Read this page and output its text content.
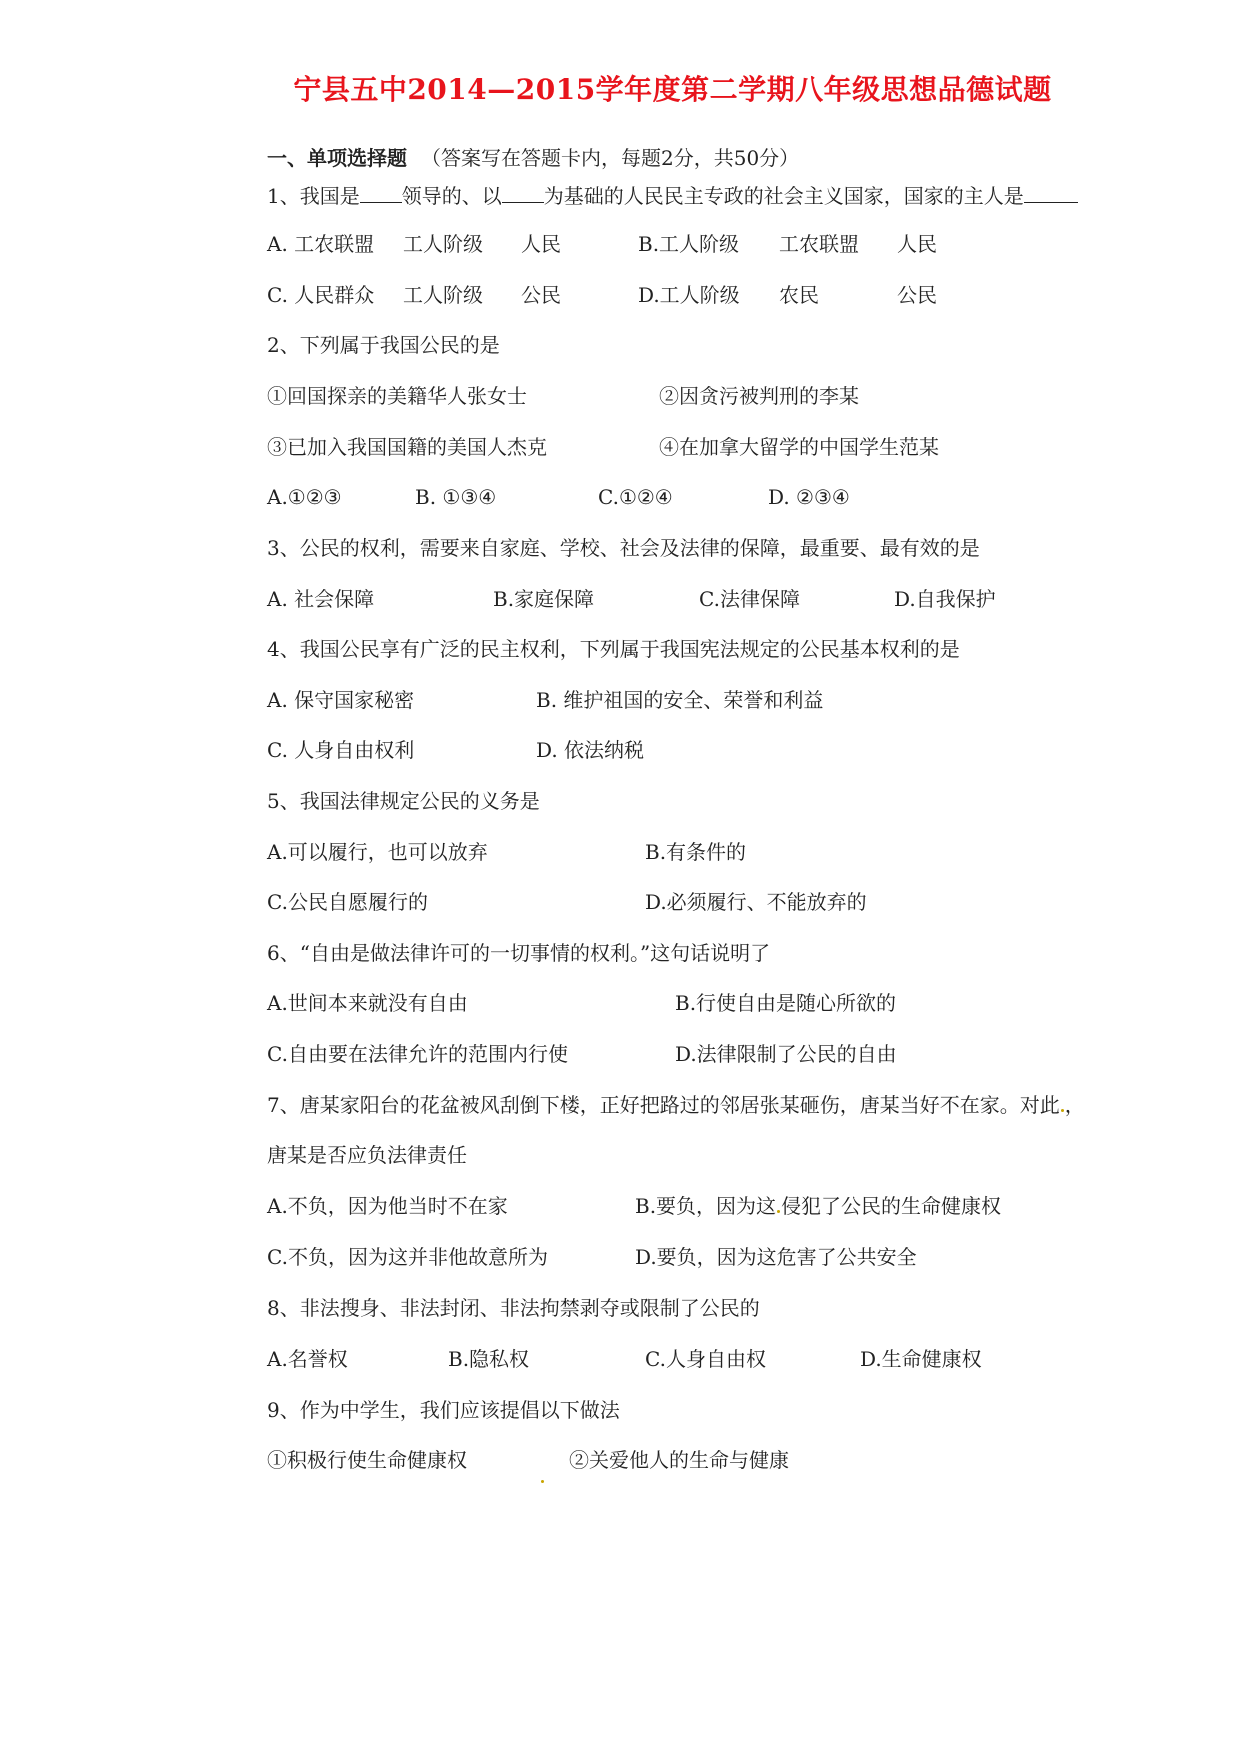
宁县五中2014—2015学年度第二学期八年级思想品德试题
一、单项选择题 （答案写在答题卡内，每题2分，共50分）
1、我国是 领导的、以 为基础的人民民主专政的社会主义国家，国家的主人是
A. 工农联盟 工人阶级 人民	B.工人阶级 工农联盟 人民
C. 人民群众 工人阶级 公民	D.工人阶级 农民	公民
2、下列属于我国公民的是
①回国探亲的美籍华人张女士	②因贪污被判刑的李某
③已加入我国国籍的美国人杰克	④在加拿大留学的中国学生范某
A.①②③	B. ①③④	C.①②④	D. ②③④
3、公民的权利，需要来自家庭、学校、社会及法律的保障，最重要、最有效的是
A. 社会保障	B.家庭保障	C.法律保障	D.自我保护
4、我国公民享有广泛的民主权利，下列属于我国宪法规定的公民基本权利的是
A. 保守国家秘密	B. 维护祖国的安全、荣誉和利益
C. 人身自由权利	D. 依法纳税
5、我国法律规定公民的义务是
A.可以履行，也可以放弃	B.有条件的
C.公民自愿履行的	D.必须履行、不能放弃的
6、“自由是做法律许可的一切事情的权利。”这句话说明了
A.世间本来就没有自由	B.行使自由是随心所欲的
C.自由要在法律允许的范围内行使	D.法律限制了公民的自由
7、唐某家阳台的花盆被风刮倒下楼，正好把路过的邻居张某砸伤，唐某当好不在家。对此 ，
唐某是否应负法律责任
A.不负，因为他当时不在家	B.要负，因为这 侵犯了公民的生命健康权
C.不负，因为这并非他故意所为	D.要负，因为这危害了公共安全
8、非法搜身、非法封闭、非法拘禁剥夺或限制了公民的
A.名誉权	B.隐私权	C.人身自由权	D.生命健康权
9、作为中学生，我们应该提倡以下做法
①积极行使生命健康权	②关爱他人的生命与健康
